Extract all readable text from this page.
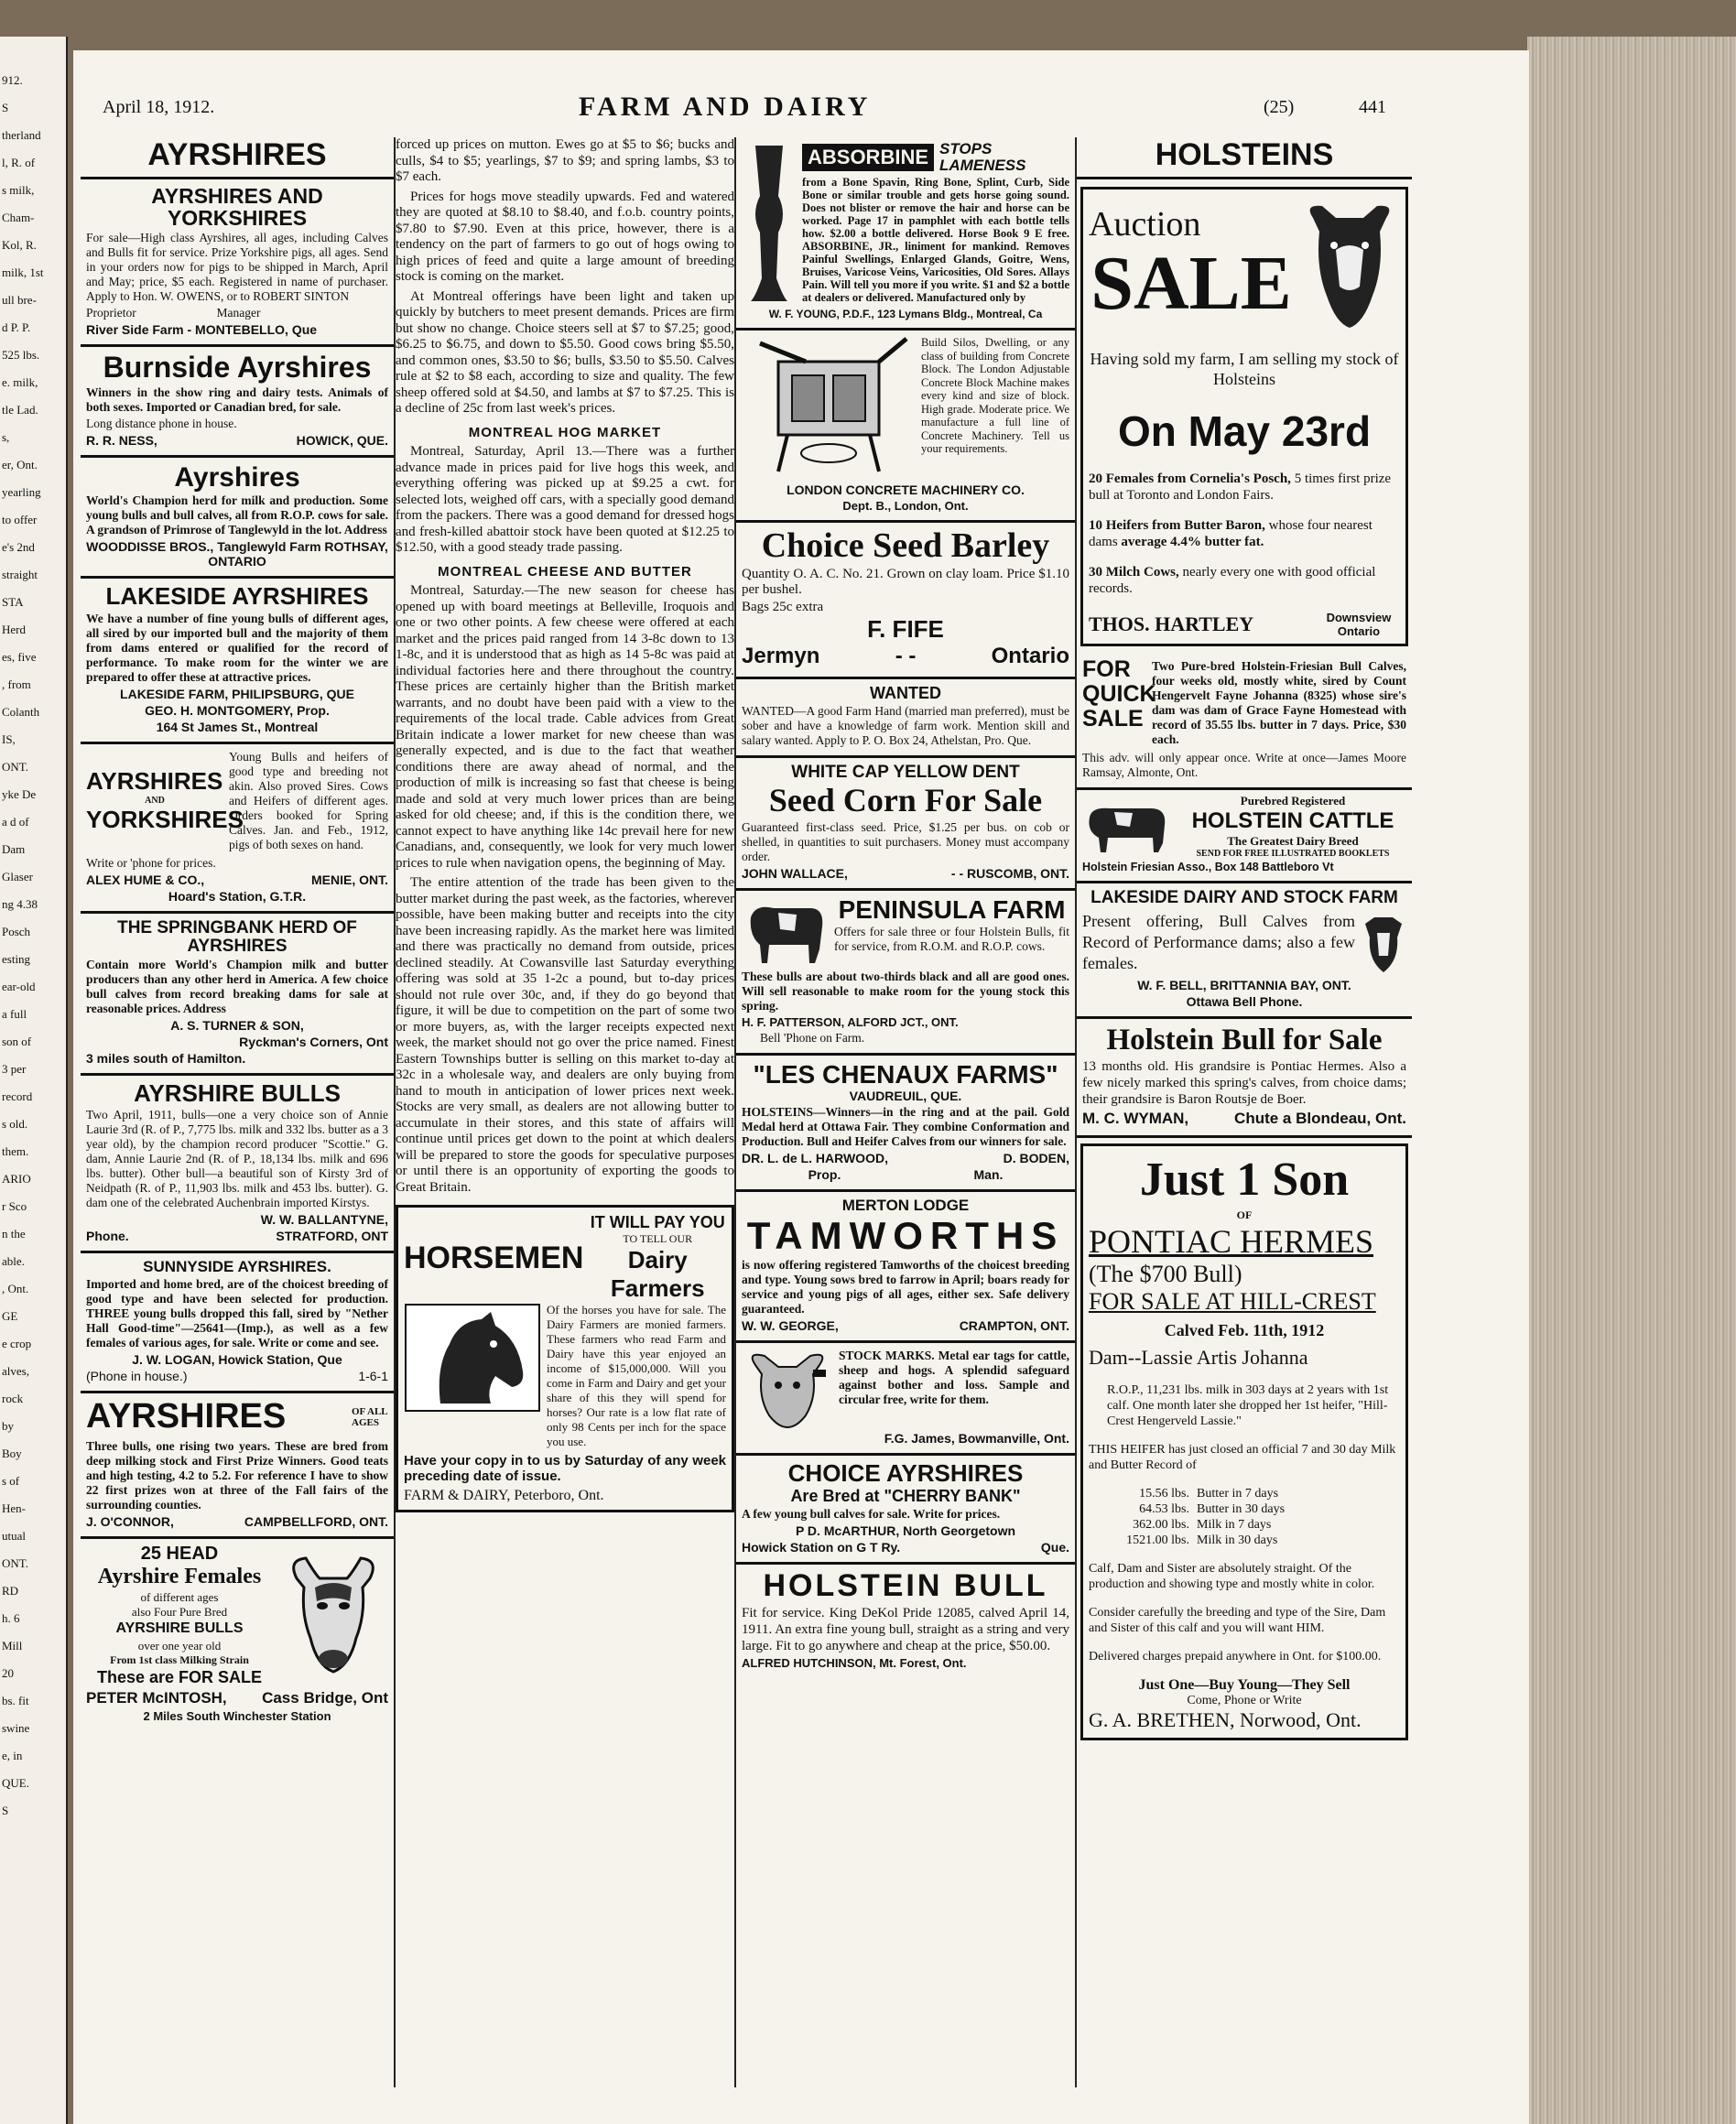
912.
S
therland
l, R. of
s milk,
Cham-
Kol, R.
milk, 1st
ull bre-
d P. P.
525 lbs.
e. milk,
tle Lad.
s,
er, Ont.
yearling
to offer
e's 2nd
straight
STA
Herd
es, five
, from
Colanth
IS,
ONT.
yke De
a d of
Dam
Glaser
ng 4.38
Posch
esting
ear-old
a full
son of
3 per
record
s old.
them.
ARIO
r Sco
n the
able.
, Ont.
GE
e crop
alves,
rock
by
Boy
s of
Hen-
utual
ONT.
RD
h. 6
Mill
20
bs. fit
swine
e, in
QUE.
S
April 18, 1912.	FARM AND DAIRY	(25)	441
AYRSHIRES
AYRSHIRES AND YORKSHIRES

For sale—High class Ayrshires, all ages, including Calves and Bulls fit for service. Prize Yorkshire pigs, all ages. Send in your orders now for pigs to be shipped in March, April and May; price, $5 each. Registered in name of purchaser. Apply to Hon. W. OWENS, or to ROBERT SINTON

Proprietor                          Manager

River Side Farm - MONTEBELLO, Que
Burnside Ayrshires

Winners in the show ring and dairy tests. Animals of both sexes. Imported or Canadian bred, for sale.

Long distance phone in house.

R. R. NESS,	HOWICK, QUE.
Ayrshires

World's Champion herd for milk and production. Some young bulls and bull calves, all from R.O.P. cows for sale. A grandson of Primrose of Tanglewyld in the lot. Address

WOODDISSE BROS., Tanglewyld Farm ROTHSAY, ONTARIO
LAKESIDE AYRSHIRES

We have a number of fine young bulls of different ages, all sired by our imported bull and the majority of them from dams entered or qualified for the record of performance. To make room for the winter we are prepared to offer these at attractive prices.

LAKESIDE FARM, PHILIPSBURG, QUE
GEO. H. MONTGOMERY, Prop.
164 St James St., Montreal
AYRSHIRES
AND
YORKSHIRES

Young Bulls and heifers of good type and breeding not akin. Also proved Sires. Cows and Heifers of different ages. Orders booked for Spring Calves. Jan. and Feb., 1912, pigs of both sexes on hand.

Write or 'phone for prices.

ALEX HUME & CO.,	MENIE, ONT.
Hoard's Station, G.T.R.
THE SPRINGBANK HERD OF AYRSHIRES

Contain more World's Champion milk and butter producers than any other herd in America. A few choice bull calves from record breaking dams for sale at reasonable prices. Address

A. S. TURNER & SON,
Ryckman's Corners, Ont
3 miles south of Hamilton.
AYRSHIRE BULLS

Two April, 1911, bulls—one a very choice son of Annie Laurie 3rd (R. of P., 7,775 lbs. milk and 332 lbs. butter as a 3 year old), by the champion record producer "Scottie." G. dam, Annie Laurie 2nd (R. of P., 18,134 lbs. milk and 696 lbs. butter). Other bull—a beautiful son of Kirsty 3rd of Neidpath (R. of P., 11,903 lbs. milk and 453 lbs. butter). G. dam one of the celebrated Auchenbrain imported Kirstys.

W. W. BALLANTYNE,
Phone.	STRATFORD, ONT
SUNNYSIDE AYRSHIRES.

Imported and home bred, are of the choicest breeding of good type and have been selected for production. THREE young bulls dropped this fall, sired by "Nether Hall Good-time"—25641—(Imp.), as well as a few females of various ages, for sale. Write or come and see.

J. W. LOGAN, Howick Station, Que
(Phone in house.)	1-6-1
AYRSHIRES	OF ALL AGES

Three bulls, one rising two years. These are bred from deep milking stock and First Prize Winners. Good teats and high testing, 4.2 to 5.2. For reference I have to show 22 first prizes won at three of the Fall fairs of the surrounding counties.

J. O'CONNOR,	CAMPBELLFORD, ONT.
25 HEAD
Ayrshire Females
of different ages
also Four Pure Bred
AYRSHIRE BULLS
over one year old
From 1st class Milking Strain
These are FOR SALE
PETER McINTOSH, Cass Bridge, Ont
2 Miles South Winchester Station

forced up prices on mutton. Ewes go at $5 to $6; bucks and culls, $4 to $5; yearlings, $7 to $9; and spring lambs, $3 to $7 each.

Prices for hogs move steadily upwards. Fed and watered they are quoted at $8.10 to $8.40, and f.o.b. country points, $7.80 to $7.90. Even at this price, however, there is a tendency on the part of farmers to go out of hogs owing to high prices of feed and quite a large amount of breeding stock is coming on the market.

At Montreal offerings have been light and taken up quickly by butchers to meet present demands. Prices are firm but show no change. Choice steers sell at $7 to $7.25; good, $6.25 to $6.75, and down to $5.50. Good cows bring $5.50, and common ones, $3.50 to $6; bulls, $3.50 to $5.50. Calves rule at $2 to $8 each, according to size and quality. The few sheep offered sold at $4.50, and lambs at $7 to $7.25. This is a decline of 25c from last week's prices.

MONTREAL HOG MARKET

Montreal, Saturday, April 13.—There was a further advance made in prices paid for live hogs this week, and everything offering was picked up at $9.25 a cwt. for selected lots, weighed off cars, with a specially good demand from the packers. There was a good demand for dressed hogs and fresh-killed abattoir stock have been quoted at $12.25 to $12.50, with a good steady trade passing.

MONTREAL CHEESE AND BUTTER

Montreal, Saturday.—The new season for cheese has opened up with board meetings at Belleville, Iroquois and one or two other points. A few cheese were offered at each market and the prices paid ranged from 14 3-8c down to 13 1-8c, and it is understood that as high as 14 5-8c was paid at individual factories here and there throughout the country. These prices are certainly higher than the British market warrants, and no doubt have been paid with a view to the requirements of the local trade. Cable advices from Great Britain indicate a lower market for new cheese than was generally expected, and is due to the fact that weather conditions there are away ahead of normal, and the production of milk is increasing so fast that cheese is being made and sold at very much lower prices than are being asked for old cheese; and, if this is the condition there, we cannot expect to have anything like 14c prevail here for new Canadians, and, consequently, we look for very much lower prices to rule when navigation opens, the beginning of May.

The entire attention of the trade has been given to the butter market during the past week, as the factories, wherever possible, have been making butter and receipts into the city have been increasing rapidly. As the market here was limited and there was practically no demand from outside, prices declined steadily. At Cowansville last Saturday everything offering was sold at 35 1-2c a pound, but to-day prices should not rule over 30c, and, if they do go beyond that figure, it will be due to competition on the part of some two or more buyers, as, with the larger receipts expected next week, the market should not go over the price named. Finest Eastern Townships butter is selling on this market to-day at 32c in a wholesale way, and dealers are only buying from hand to mouth in anticipation of lower prices next week. Stocks are very small, as dealers are not allowing butter to accumulate in their stores, and this state of affairs will continue until prices get down to the point at which dealers will be prepared to store the goods for speculative purposes or until there is an opportunity of exporting the goods to Great Britain.

HORSEMEN
IT WILL PAY YOU
TO TELL OUR
Dairy Farmers

Of the horses you have for sale. The Dairy Farmers are monied farmers. These farmers who read Farm and Dairy have this year enjoyed an income of $15,000,000. Will you come in Farm and Dairy and get your share of this they will spend for horses? Our rate is a low flat rate of only 98 Cents per inch for the space you use.

Have your copy in to us by Saturday of any week preceding date of issue.

FARM & DAIRY, Peterboro, Ont.
ABSORBINE STOPS LAMENESS

from a Bone Spavin, Ring Bone, Splint, Curb, Side Bone or similar trouble and gets horse going sound. Does not blister or remove the hair and horse can be worked. Page 17 in pamphlet with each bottle tells how. $2.00 a bottle delivered. Horse Book 9 E free. ABSORBINE, JR., liniment for mankind. Removes Painful Swellings, Enlarged Glands, Goitre, Wens, Bruises, Varicose Veins, Varicosities, Old Sores. Allays Pain. Will tell you more if you write. $1 and $2 a bottle at dealers or delivered. Manufactured only by

W. F. YOUNG, P.D.F., 123 Lymans Bldg., Montreal, Ca

Build Silos, Dwelling, or any class of building from Concrete Block. The London Adjustable Concrete Block Machine makes every kind and size of block. High grade. Moderate price. We manufacture a full line of Concrete Machinery. Tell us your requirements.

LONDON CONCRETE MACHINERY CO.
Dept. B., London, Ont.
Choice Seed Barley

Quantity O. A. C. No. 21. Grown on clay loam. Price $1.10 per bushel.

Bags 25c extra

F. FIFE
Jermyn	- -	Ontario
WANTED

WANTED—A good Farm Hand (married man preferred), must be sober and have a knowledge of farm work. Mention skill and salary wanted. Apply to P. O. Box 24, Athelstan, Pro. Que.

WHITE CAP YELLOW DENT
Seed Corn For Sale

Guaranteed first-class seed. Price, $1.25 per bus. on cob or shelled, in quantities to suit purchasers. Money must accompany order.

JOHN WALLACE,	- - RUSCOMB, ONT.
PENINSULA FARM

Offers for sale three or four Holstein Bulls, fit for service, from R.O.M. and R.O.P. cows.

These bulls are about two-thirds black and all are good ones. Will sell reasonable to make room for the young stock this spring.

H. F. PATTERSON, ALFORD JCT., ONT.

Bell 'Phone on Farm.

"LES CHENAUX FARMS"
VAUDREUIL, QUE.

HOLSTEINS—Winners—in the ring and at the pail. Gold Medal herd at Ottawa Fair. They combine Conformation and Production. Bull and Heifer Calves from our winners for sale.

DR. L. de L. HARWOOD,	D. BODEN,
Prop.	Man.
MERTON LODGE
TAMWORTHS

is now offering registered Tamworths of the choicest breeding and type. Young sows bred to farrow in April; boars ready for service and young pigs of all ages, either sex. Safe delivery guaranteed.

W. W. GEORGE,	CRAMPTON, ONT.

STOCK MARKS. Metal ear tags for cattle, sheep and hogs. A splendid safeguard against bother and loss. Sample and circular free, write for them.

F.G. James, Bowmanville, Ont.
CHOICE AYRSHIRES
Are Bred at "CHERRY BANK"

A few young bull calves for sale. Write for prices.

P D. McARTHUR, North Georgetown
Howick Station on G T Ry.	Que.
HOLSTEIN BULL

Fit for service. King DeKol Pride 12085, calved April 14, 1911. An extra fine young bull, straight as a string and very large. Fit to go anywhere and cheap at the price, $50.00.

ALFRED HUTCHINSON, Mt. Forest, Ont.
HOLSTEINS
Auction
SALE

Having sold my farm, I am selling my stock of Holsteins

On May 23rd

20 Females from Cornelia's Posch, 5 times first prize bull at Toronto and London Fairs.

10 Heifers from Butter Baron, whose four nearest dams average 4.4% butter fat.

30 Milch Cows, nearly every one with good official records.

THOS. HARTLEY	Downsview Ontario
FOR
QUICK
SALE

Two Pure-bred Holstein-Friesian Bull Calves, four weeks old, mostly white, sired by Count Hengervelt Fayne Johanna (8325) whose sire's dam was dam of Grace Fayne Homestead with record of 35.55 lbs. butter in 7 days. Price, $30 each.

This adv. will only appear once. Write at once—James Moore Ramsay, Almonte, Ont.

Purebred Registered
HOLSTEIN CATTLE
The Greatest Dairy Breed
SEND FOR FREE ILLUSTRATED BOOKLETS
Holstein Friesian Asso., Box 148 Battleboro Vt
LAKESIDE DAIRY AND STOCK FARM

Present offering, Bull Calves from Record of Performance dams; also a few females.

W. F. BELL, BRITTANNIA BAY, ONT.
Ottawa Bell Phone.
Holstein Bull for Sale

13 months old. His grandsire is Pontiac Hermes. Also a few nicely marked this spring's calves, from choice dams; their grandsire is Baron Routsje de Boer.

M. C. WYMAN,	Chute a Blondeau, Ont.
Just 1 Son
OF
PONTIAC HERMES
(The $700 Bull)
FOR SALE AT HILL-CREST
Calved Feb. 11th, 1912
Dam--Lassie Artis Johanna

R.O.P., 11,231 lbs. milk in 303 days at 2 years with 1st calf. One month later she dropped her 1st heifer, "Hill-Crest Hengerveld Lassie."

THIS HEIFER has just closed an official 7 and 30 day Milk and Butter Record of

15.56 lbs. Butter in 7 days
64.53 lbs. Butter in 30 days
362.00 lbs. Milk in 7 days
1521.00 lbs. Milk in 30 days

Calf, Dam and Sister are absolutely straight. Of the production and showing type and mostly white in color.

Consider carefully the breeding and type of the Sire, Dam and Sister of this calf and you will want HIM.

Delivered charges prepaid anywhere in Ont. for $100.00.

Just One—Buy Young—They Sell
Come, Phone or Write
G. A. BRETHEN, Norwood, Ont.
